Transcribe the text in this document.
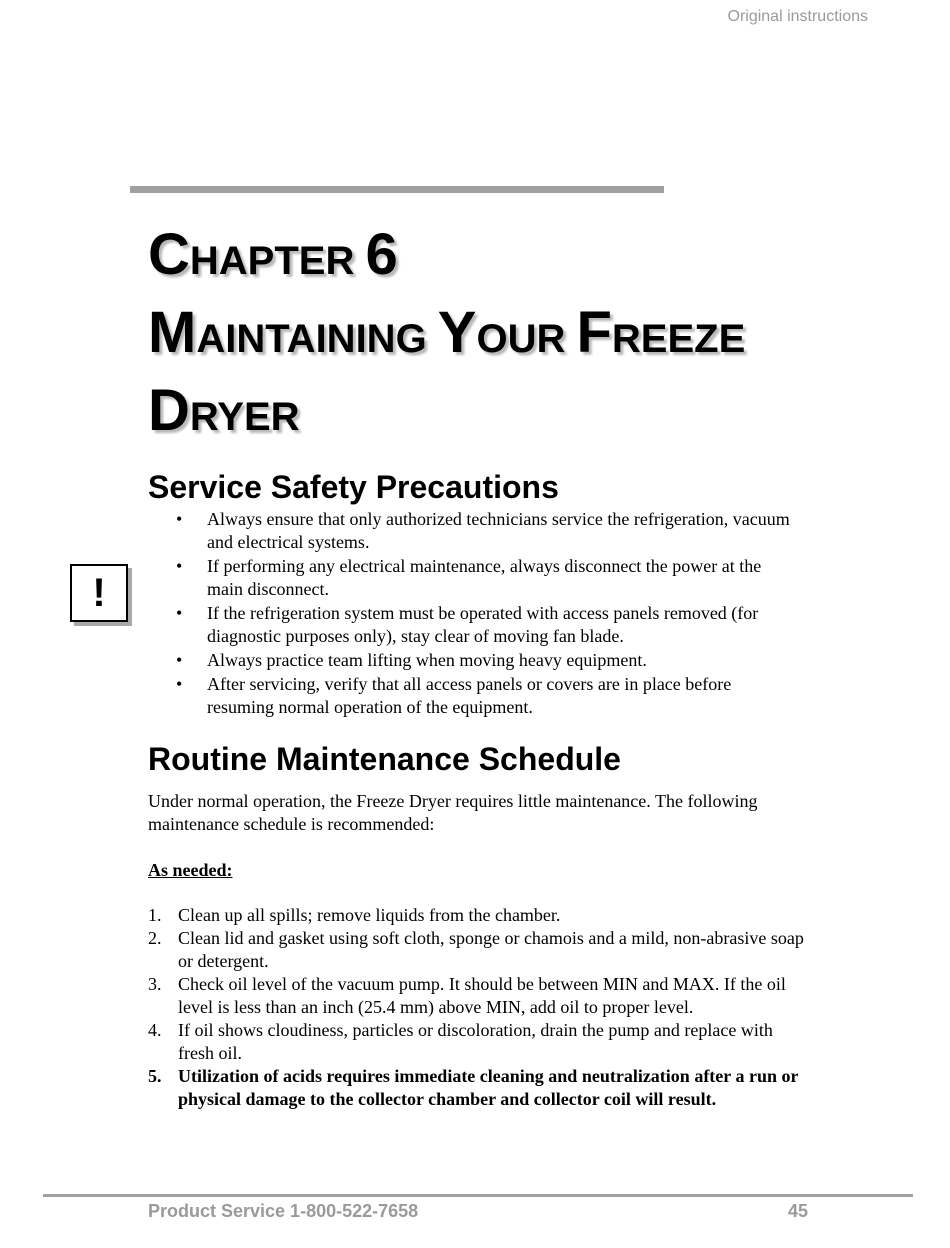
Original instructions
CHAPTER 6
MAINTAINING YOUR FREEZE
DRYER
Service Safety Precautions
!
• Always ensure that only authorized technicians service the refrigeration, vacuum and electrical systems.
• If performing any electrical maintenance, always disconnect the power at the main disconnect.
• If the refrigeration system must be operated with access panels removed (for diagnostic purposes only), stay clear of moving fan blade.
• Always practice team lifting when moving heavy equipment.
• After servicing, verify that all access panels or covers are in place before resuming normal operation of the equipment.
Routine Maintenance Schedule
Under normal operation, the Freeze Dryer requires little maintenance. The following maintenance schedule is recommended:
As needed:
1. Clean up all spills; remove liquids from the chamber.
2. Clean lid and gasket using soft cloth, sponge or chamois and a mild, non-abrasive soap or detergent.
3. Check oil level of the vacuum pump. It should be between MIN and MAX. If the oil level is less than an inch (25.4 mm) above MIN, add oil to proper level.
4. If oil shows cloudiness, particles or discoloration, drain the pump and replace with fresh oil.
5. Utilization of acids requires immediate cleaning and neutralization after a run or physical damage to the collector chamber and collector coil will result.
Product Service 1-800-522-7658	45
